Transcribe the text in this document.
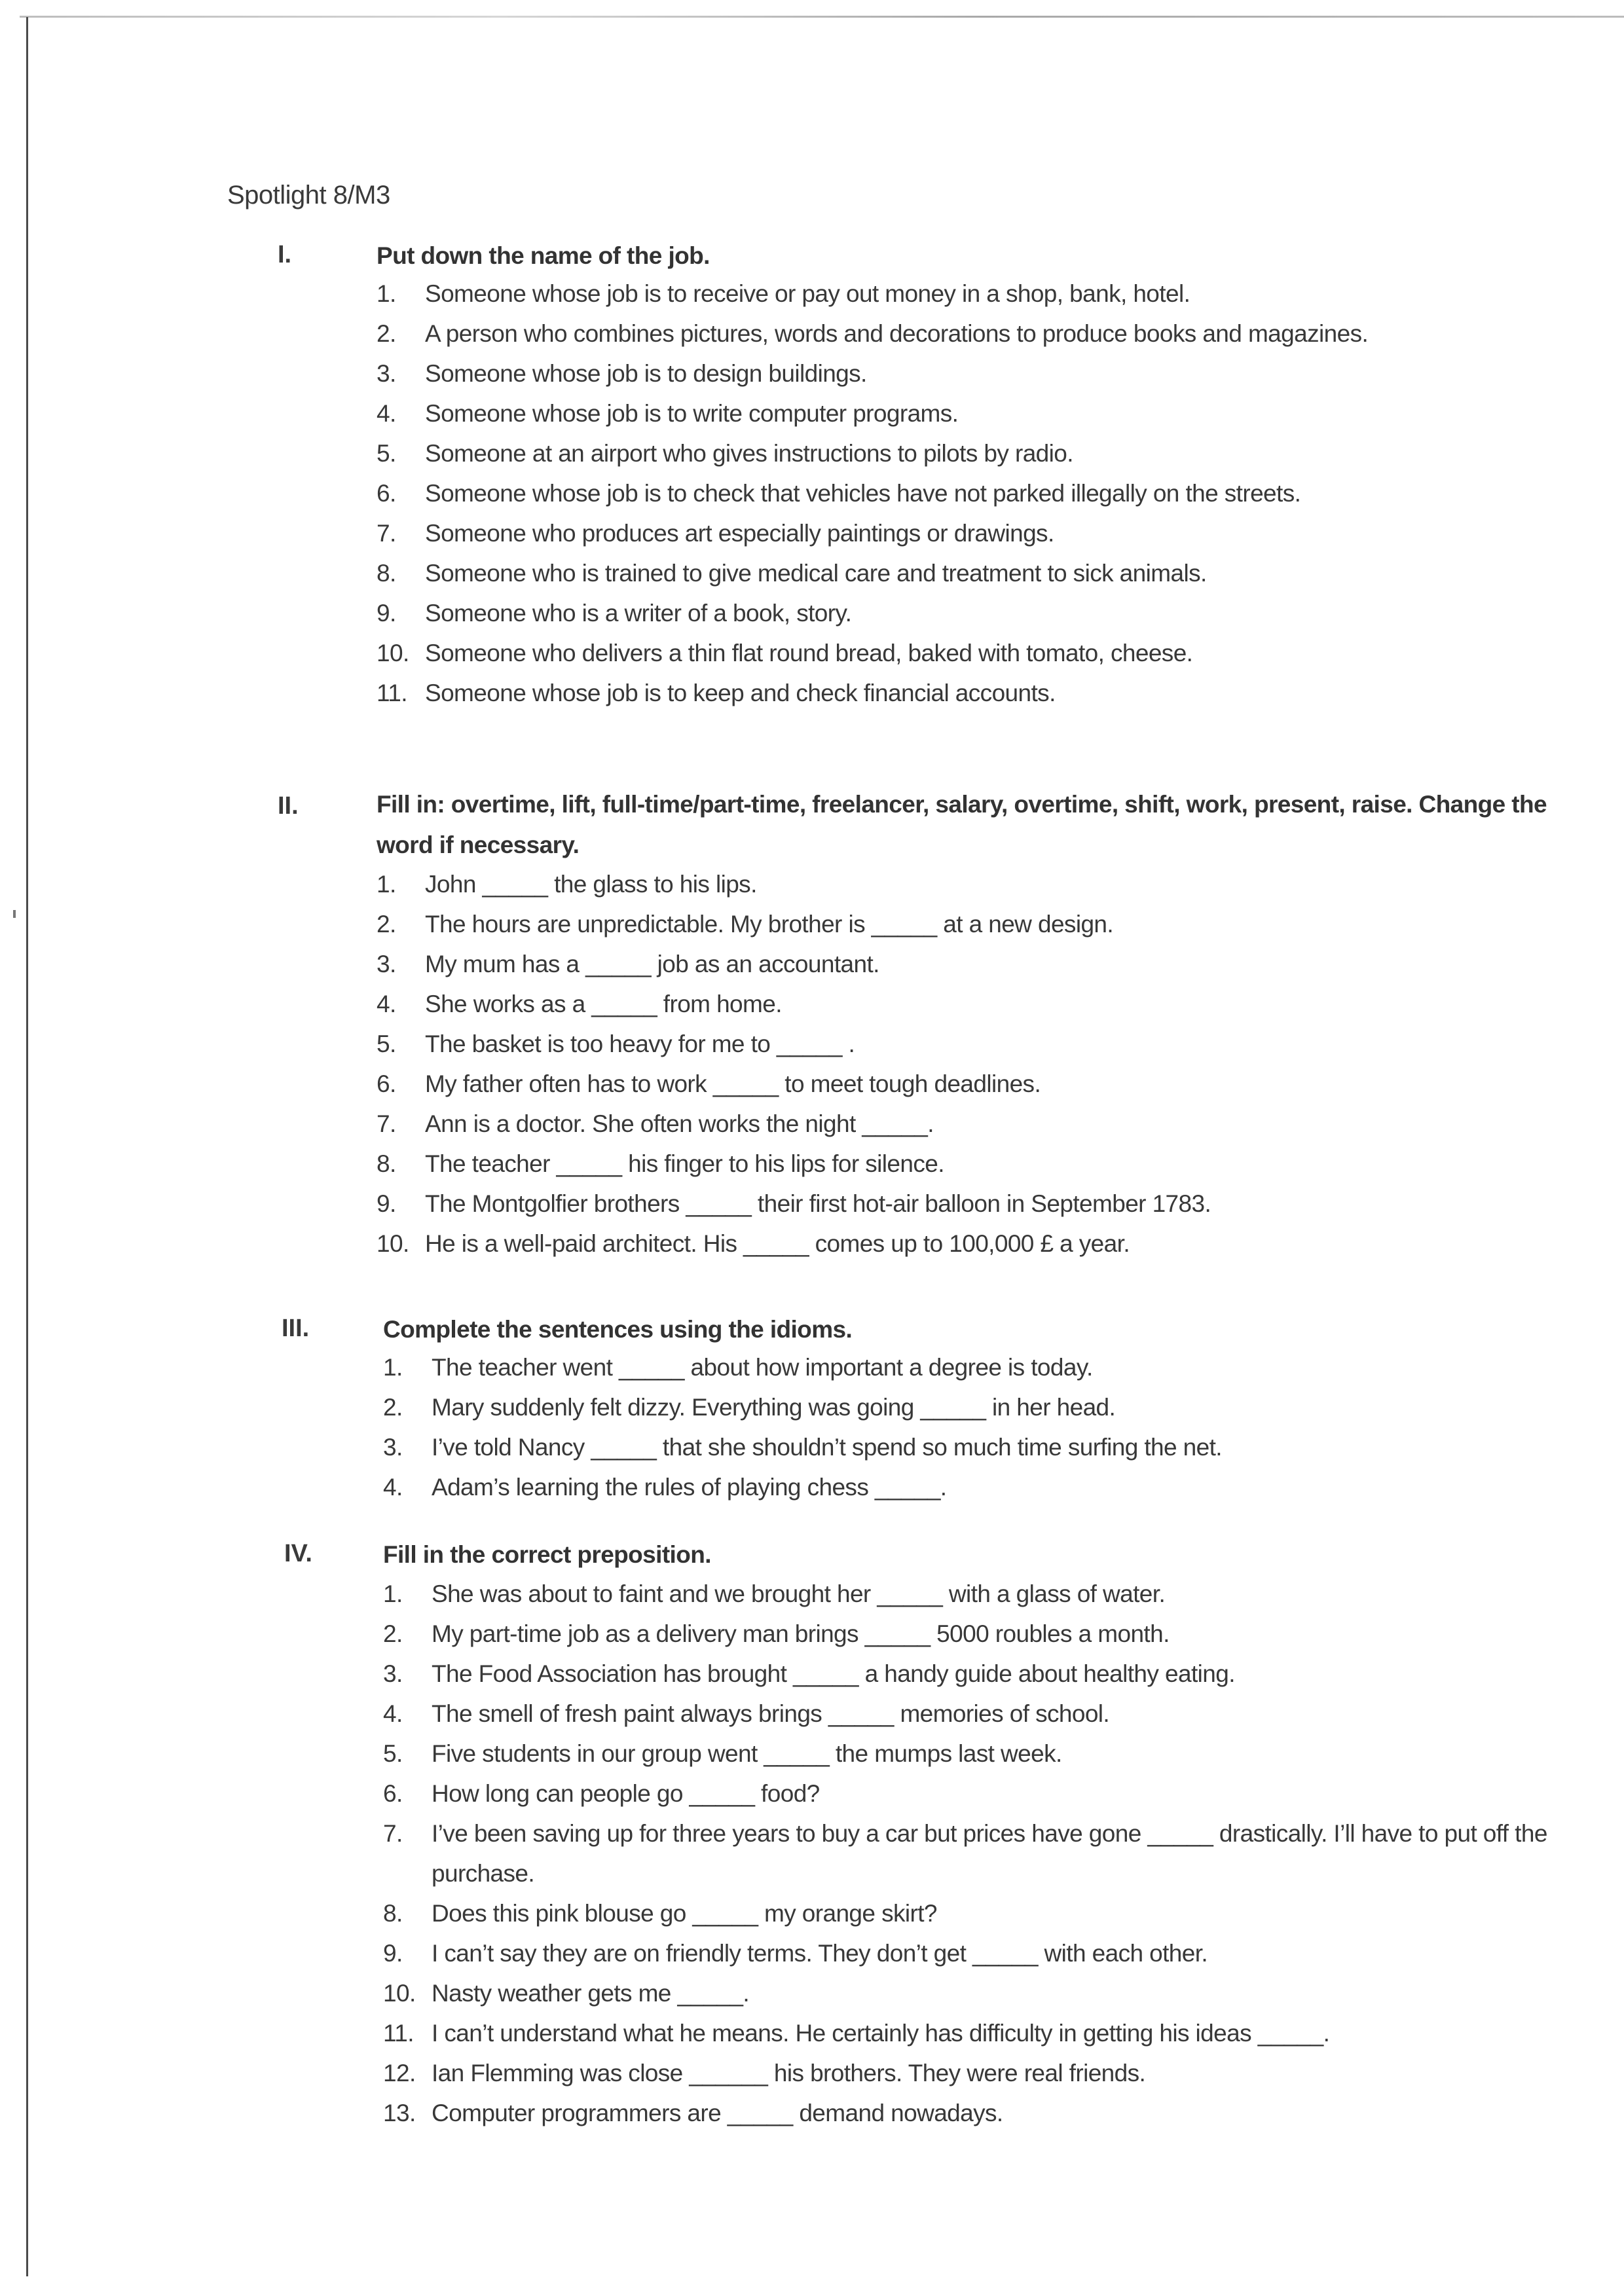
Spotlight 8/M3
I.	Put down the name of the job.
1.	Someone whose job is to receive or pay out money in a shop, bank, hotel.
2.	A person who combines pictures, words and decorations to produce books and magazines.
3.	Someone whose job is to design buildings.
4.	Someone whose job is to write computer programs.
5.	Someone at an airport who gives instructions to pilots by radio.
6.	Someone whose job is to check that vehicles have not parked illegally on the streets.
7.	Someone who produces art especially paintings or drawings.
8.	Someone who is trained to give medical care and treatment to sick animals.
9.	Someone who is a writer of a book, story.
10. Someone who delivers a thin flat round bread, baked with tomato, cheese.
11. Someone whose job is to keep and check financial accounts.
II.	Fill in: overtime, lift, full-time/part-time, freelancer, salary, overtime, shift, work, present, raise. Change the word if necessary.
1.	John _____ the glass to his lips.
2.	The hours are unpredictable. My brother is _____ at a new design.
3.	My mum has a _____ job as an accountant.
4.	She works as a _____ from home.
5.	The basket is too heavy for me to _____ .
6.	My father often has to work _____ to meet tough deadlines.
7.	Ann is a doctor. She often works the night _____.
8.	The teacher _____ his finger to his lips for silence.
9.	The Montgolfier brothers _____ their first hot-air balloon in September 1783.
10. He is a well-paid architect. His _____ comes up to 100,000 £ a year.
III.	Complete the sentences using the idioms.
1.	The teacher went _____ about how important a degree is today.
2.	Mary suddenly felt dizzy. Everything was going _____ in her head.
3.	I’ve told Nancy _____ that she shouldn’t spend so much time surfing the net.
4.	Adam’s learning the rules of playing chess _____.
IV.	Fill in the correct preposition.
1.	She was about to faint and we brought her _____ with a glass of water.
2.	My part-time job as a delivery man brings _____ 5000 roubles a month.
3.	The Food Association has brought _____ a handy guide about healthy eating.
4.	The smell of fresh paint always brings _____ memories of school.
5.	Five students in our group went _____ the mumps last week.
6.	How long can people go _____ food?
7.	I’ve been saving up for three years to buy a car but prices have gone _____ drastically. I’ll have to put off the purchase.
8.	Does this pink blouse go _____ my orange skirt?
9.	I can’t say they are on friendly terms. They don’t get _____ with each other.
10. Nasty weather gets me _____.
11. I can’t understand what he means. He certainly has difficulty in getting his ideas _____.
12. Ian Flemming was close ______ his brothers. They were real friends.
13. Computer programmers are _____ demand nowadays.
